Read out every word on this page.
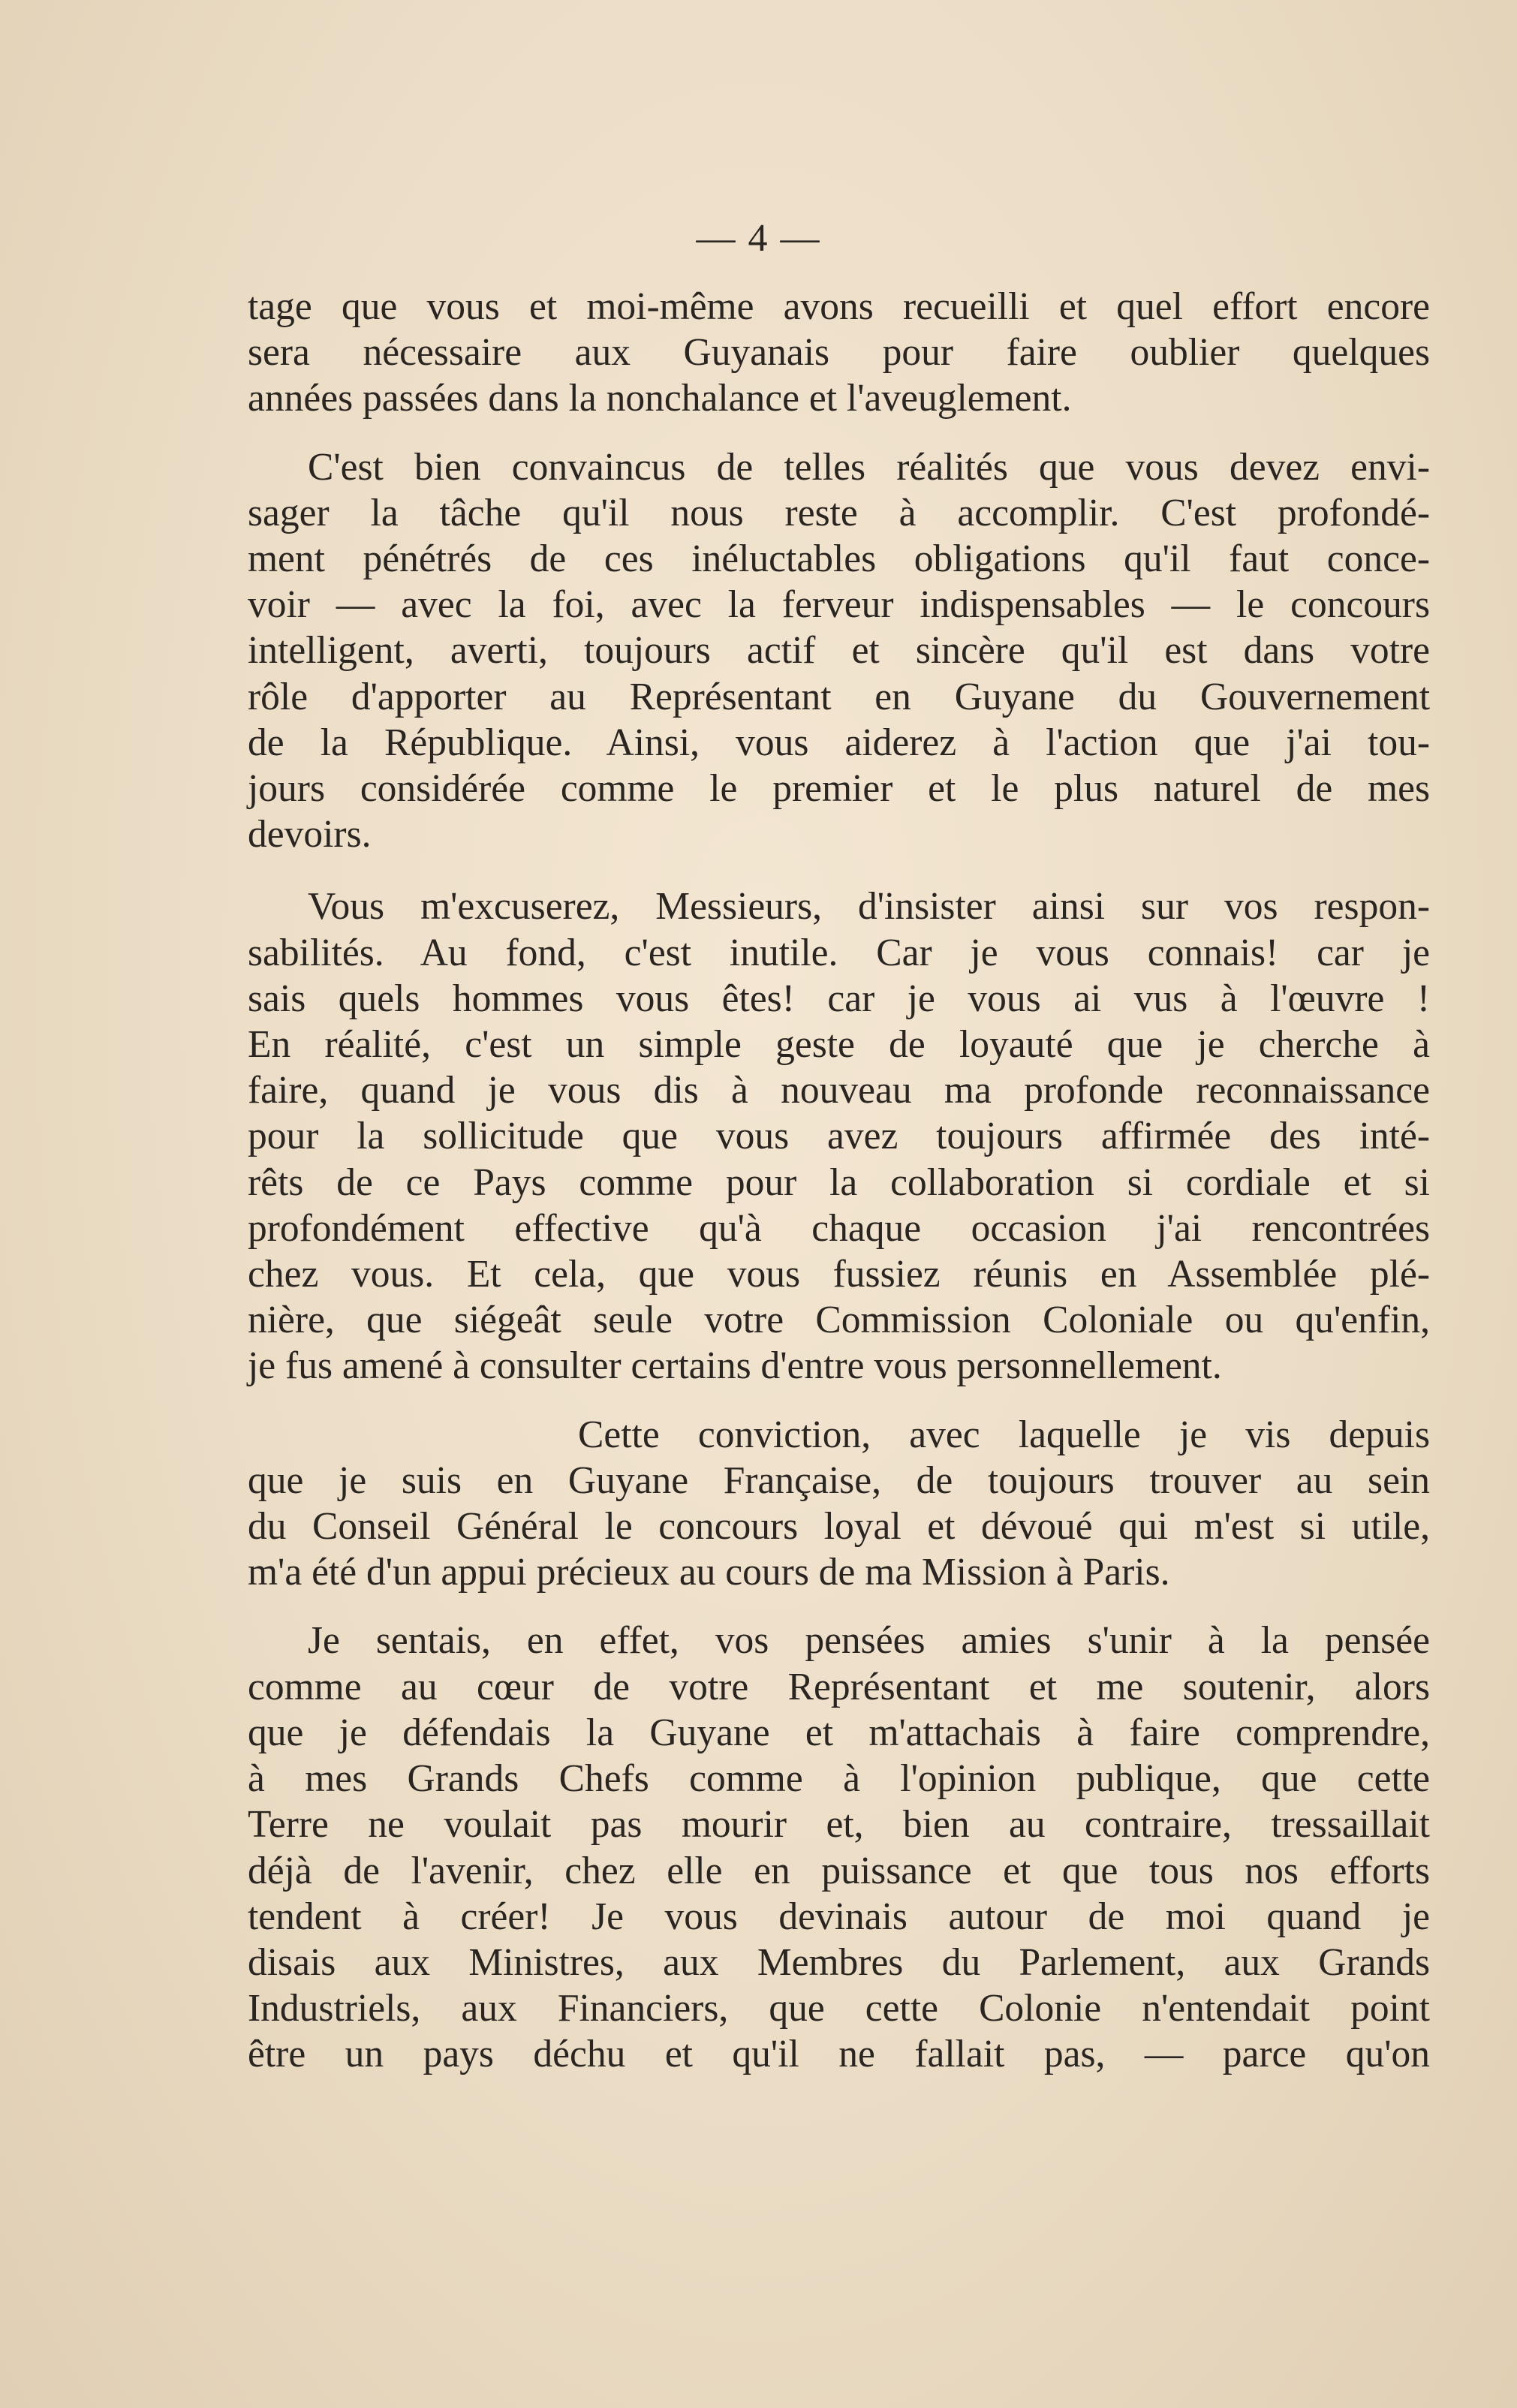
— 4 —
tage que vous et moi-même avons recueilli et quel effort encore
sera nécessaire aux Guyanais pour faire oublier quelques
années passées dans la nonchalance et l'aveuglement.
C'est bien convaincus de telles réalités que vous devez envi-
sager la tâche qu'il nous reste à accomplir. C'est profondé-
ment pénétrés de ces inéluctables obligations qu'il faut conce-
voir — avec la foi, avec la ferveur indispensables — le concours
intelligent, averti, toujours actif et sincère qu'il est dans votre
rôle d'apporter au Représentant en Guyane du Gouvernement
de la République. Ainsi, vous aiderez à l'action que j'ai tou-
jours considérée comme le premier et le plus naturel de mes
devoirs.
Vous m'excuserez, Messieurs, d'insister ainsi sur vos respon-
sabilités. Au fond, c'est inutile. Car je vous connais! car je
sais quels hommes vous êtes! car je vous ai vus à l'œuvre !
En réalité, c'est un simple geste de loyauté que je cherche à
faire, quand je vous dis à nouveau ma profonde reconnaissance
pour la sollicitude que vous avez toujours affirmée des inté-
rêts de ce Pays comme pour la collaboration si cordiale et si
profondément effective qu'à chaque occasion j'ai rencontrées
chez vous. Et cela, que vous fussiez réunis en Assemblée plé-
nière, que siégeât seule votre Commission Coloniale ou qu'enfin,
je fus amené à consulter certains d'entre vous personnellement.
Cette conviction, avec laquelle je vis depuis
que je suis en Guyane Française, de toujours trouver au sein
du Conseil Général le concours loyal et dévoué qui m'est si utile,
m'a été d'un appui précieux au cours de ma Mission à Paris.
Je sentais, en effet, vos pensées amies s'unir à la pensée
comme au cœur de votre Représentant et me soutenir, alors
que je défendais la Guyane et m'attachais à faire comprendre,
à mes Grands Chefs comme à l'opinion publique, que cette
Terre ne voulait pas mourir et, bien au contraire, tressaillait
déjà de l'avenir, chez elle en puissance et que tous nos efforts
tendent à créer! Je vous devinais autour de moi quand je
disais aux Ministres, aux Membres du Parlement, aux Grands
Industriels, aux Financiers, que cette Colonie n'entendait point
être un pays déchu et qu'il ne fallait pas, — parce qu'on
